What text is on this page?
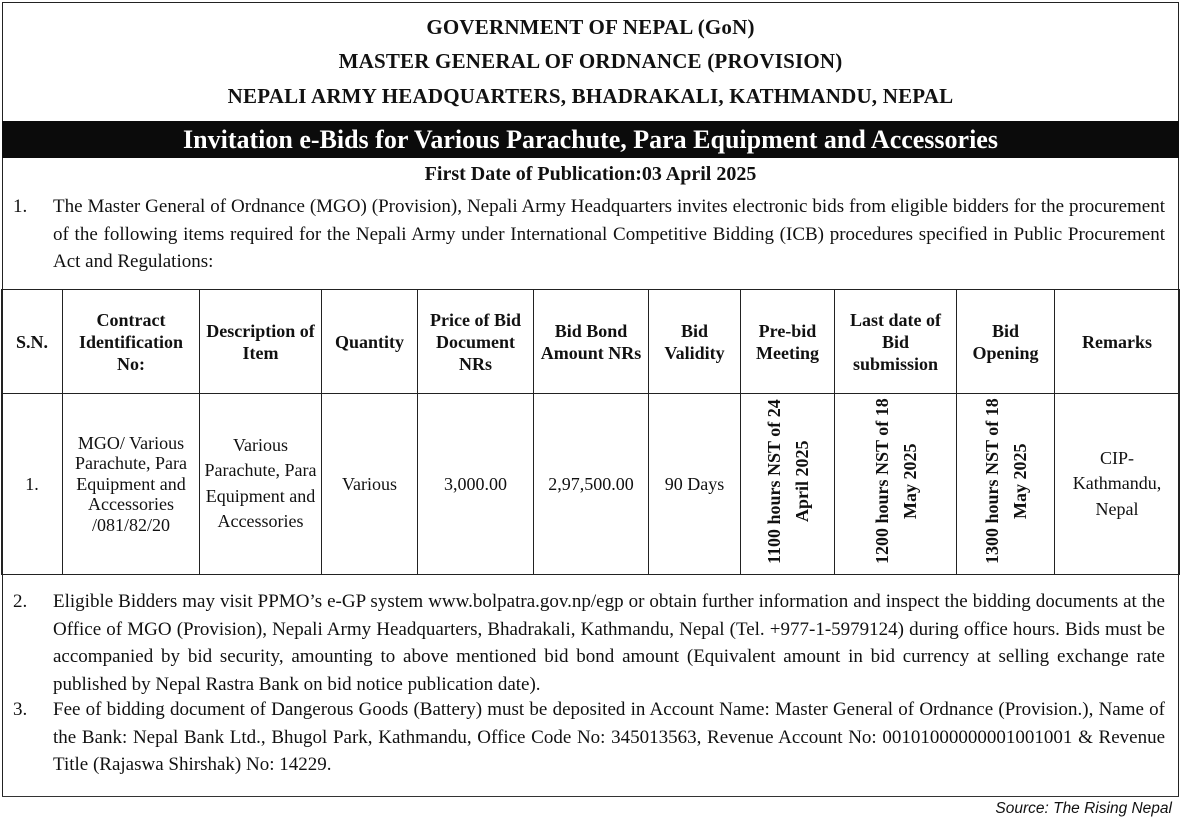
GOVERNMENT OF NEPAL (GoN)
MASTER GENERAL OF ORDNANCE (PROVISION)
NEPALI ARMY HEADQUARTERS, BHADRAKALI, KATHMANDU, NEPAL
Invitation e-Bids for Various Parachute, Para Equipment and Accessories
First Date of Publication:03 April 2025
1. The Master General of Ordnance (MGO) (Provision), Nepali Army Headquarters invites electronic bids from eligible bidders for the procurement of the following items required for the Nepali Army under International Competitive Bidding (ICB) procedures specified in Public Procurement Act and Regulations:
S.N.	Contract Identification No:	Description of Item	Quantity	Price of Bid Document NRs	Bid Bond Amount NRs	Bid Validity	Pre-bid Meeting	Last date of Bid submission	Bid Opening	Remarks
1.	MGO/ Various Parachute, Para Equipment and Accessories /081/82/20	Various Parachute, Para Equipment and Accessories	Various	3,000.00	2,97,500.00	90 Days	1100 hours NST of 24 April 2025	1200 hours NST of 18 May 2025	1300 hours NST of 18 May 2025	CIP- Kathmandu, Nepal
2. Eligible Bidders may visit PPMO’s e-GP system www.bolpatra.gov.np/egp or obtain further information and inspect the bidding documents at the Office of MGO (Provision), Nepali Army Headquarters, Bhadrakali, Kathmandu, Nepal (Tel. +977-1-5979124) during office hours. Bids must be accompanied by bid security, amounting to above mentioned bid bond amount (Equivalent amount in bid currency at selling exchange rate published by Nepal Rastra Bank on bid notice publication date).
3. Fee of bidding document of Dangerous Goods (Battery) must be deposited in Account Name: Master General of Ordnance (Provision.), Name of the Bank: Nepal Bank Ltd., Bhugol Park, Kathmandu, Office Code No: 345013563, Revenue Account No: 00101000000001001001 & Revenue Title (Rajaswa Shirshak) No: 14229.
Source: The Rising Nepal
